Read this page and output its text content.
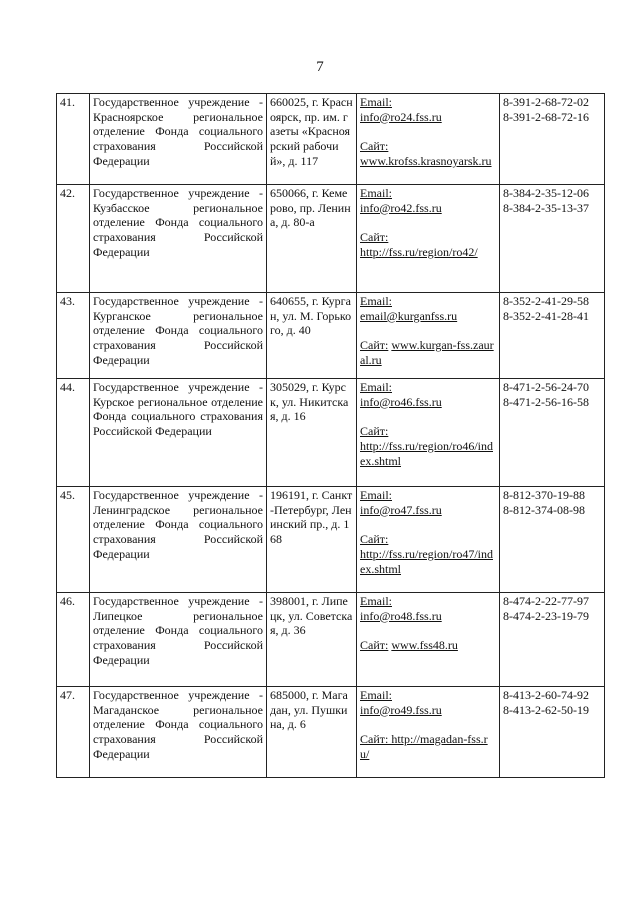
7
41.	Государственное учреждение - Красноярское региональное отделение Фонда социального страхования Российской Федерации	660025, г. Красноярск, пр. им. газеты «Красноярский рабочий», д. 117	Email:
info@ro24.fss.ru
Сайт:
www.krofss.krasnoyarsk.ru	8-391-2-68-72-02
8-391-2-68-72-16

42.	Государственное учреждение - Кузбасское региональное отделение Фонда социального страхования Российской Федерации	650066, г. Кемерово, пр. Ленина, д. 80-а	Email:
info@ro42.fss.ru
Сайт:
http://fss.ru/region/ro42/	8-384-2-35-12-06
8-384-2-35-13-37

43.	Государственное учреждение - Курганское региональное отделение Фонда социального страхования Российской Федерации	640655, г. Курган, ул. М. Горького, д. 40	Email:
email@kurganfss.ru
Сайт: www.kurgan-fss.zaural.ru	8-352-2-41-29-58
8-352-2-41-28-41

44.	Государственное учреждение - Курское региональное отделение Фонда социального страхования Российской Федерации	305029, г. Курск, ул. Никитская, д. 16	Email:
info@ro46.fss.ru
Сайт:
http://fss.ru/region/ro46/index.shtml	8-471-2-56-24-70
8-471-2-56-16-58

45.	Государственное учреждение - Ленинградское региональное отделение Фонда социального страхования Российской Федерации	196191, г. Санкт-Петербург, Ленинский пр., д. 168	Email:
info@ro47.fss.ru
Сайт:
http://fss.ru/region/ro47/index.shtml	8-812-370-19-88
8-812-374-08-98

46.	Государственное учреждение - Липецкое региональное отделение Фонда социального страхования Российской Федерации	398001, г. Липецк, ул. Советская, д. 36	Email:
info@ro48.fss.ru
Сайт: www.fss48.ru	8-474-2-22-77-97
8-474-2-23-19-79

47.	Государственное учреждение - Магаданское региональное отделение Фонда социального страхования Российской Федерации	685000, г. Магадан, ул. Пушкина, д. 6	Email:
info@ro49.fss.ru
Сайт: http://magadan-fss.ru/	8-413-2-60-74-92
8-413-2-62-50-19
